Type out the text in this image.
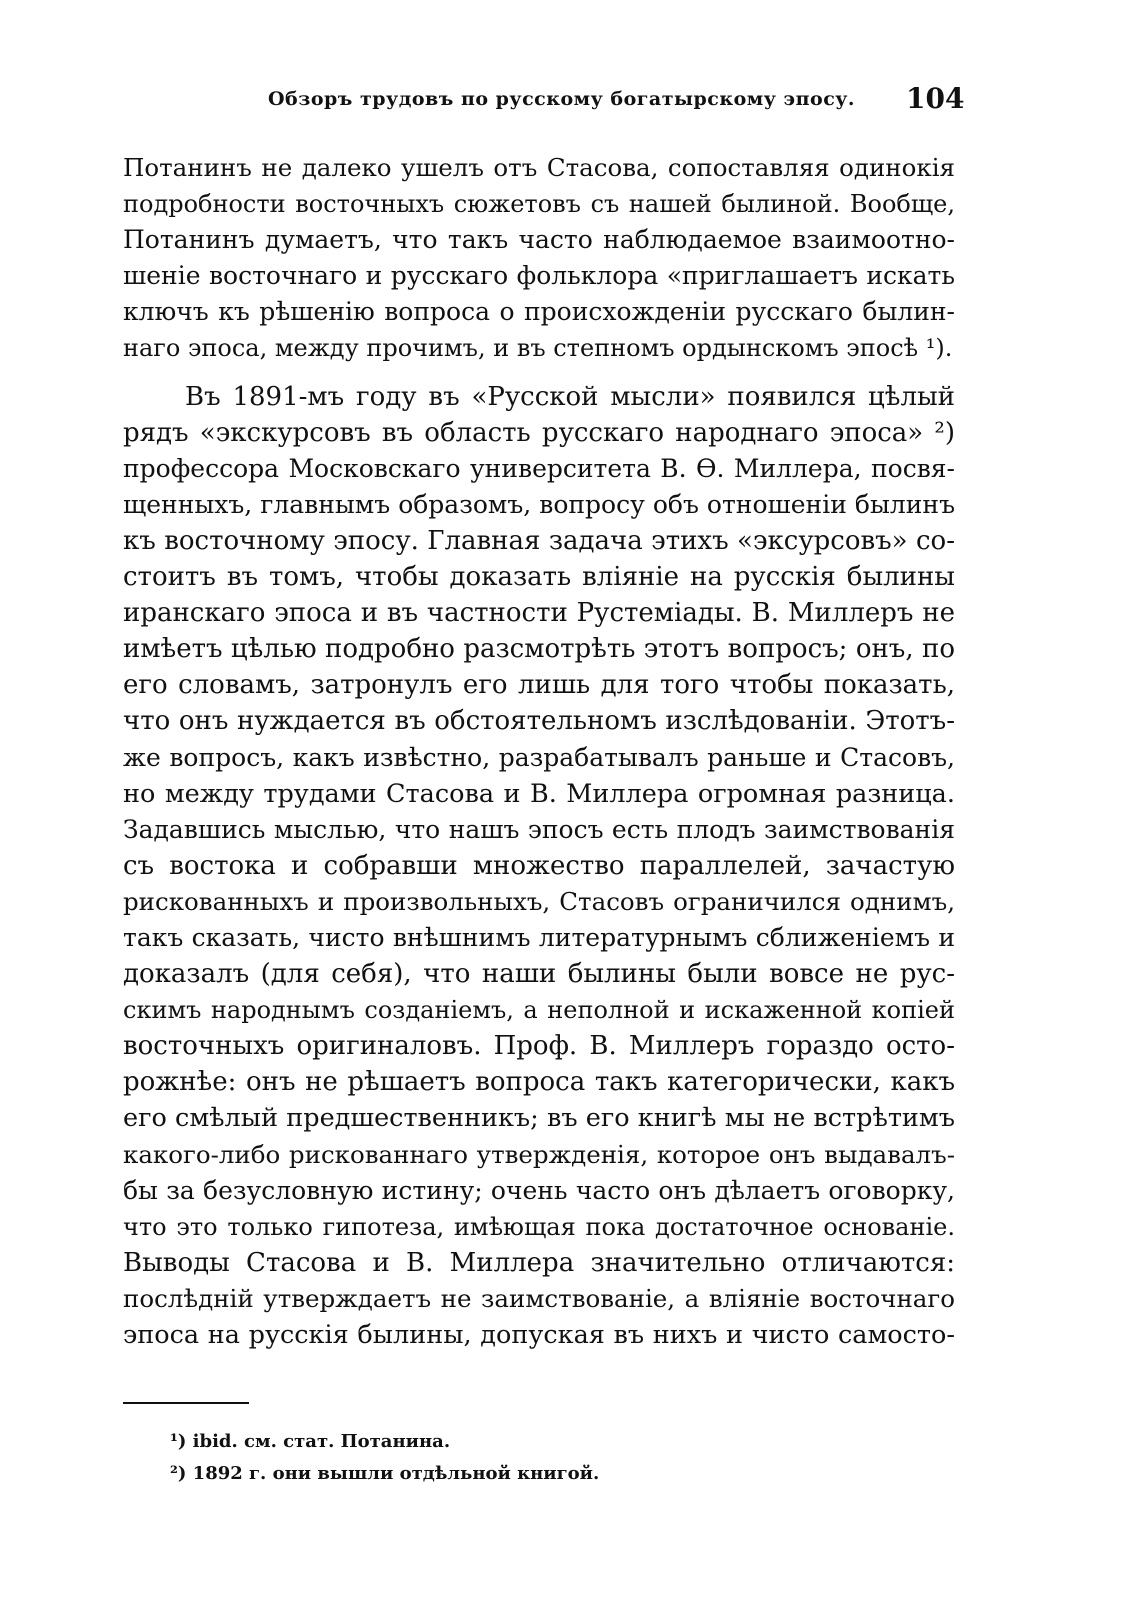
Обзоръ трудовъ по русскому богатырскому эпосу. 104
Потанинъ не далеко ушелъ отъ Стасова, сопоставляя одинокія
подробности восточныхъ сюжетовъ съ нашей былиной. Вообще,
Потанинъ думаетъ, что такъ часто наблюдаемое взаимоотно-
шеніе восточнаго и русскаго фольклора «приглашаетъ искать
ключъ къ рѣшенію вопроса о происхожденіи русскаго былин-
наго эпоса, между прочимъ, и въ степномъ ордынскомъ эпосѣ ¹).
Въ 1891-мъ году въ «Русской мысли» появился цѣлый
рядъ «экскурсовъ въ область русскаго народнаго эпоса» ²)
профессора Московскаго университета В. Ѳ. Миллера, посвя-
щенныхъ, главнымъ образомъ, вопросу объ отношеніи былинъ
къ восточному эпосу. Главная задача этихъ «эксурсовъ» со-
стоитъ въ томъ, чтобы доказать вліяніе на русскія былины
иранскаго эпоса и въ частности Рустеміады. В. Миллеръ не
имѣетъ цѣлью подробно разсмотрѣть этотъ вопросъ; онъ, по
его словамъ, затронулъ его лишь для того чтобы показать,
что онъ нуждается въ обстоятельномъ изслѣдованіи. Этотъ-
же вопросъ, какъ извѣстно, разрабатывалъ раньше и Стасовъ,
но между трудами Стасова и В. Миллера огромная разница.
Задавшись мыслью, что нашъ эпосъ есть плодъ заимствованія
съ востока и собравши множество параллелей, зачастую
рискованныхъ и произвольныхъ, Стасовъ ограничился однимъ,
такъ сказать, чисто внѣшнимъ литературнымъ сближеніемъ и
доказалъ (для себя), что наши былины были вовсе не рус-
скимъ народнымъ созданіемъ, а неполной и искаженной копіей
восточныхъ оригиналовъ. Проф. В. Миллеръ гораздо осто-
рожнѣе: онъ не рѣшаетъ вопроса такъ категорически, какъ
его смѣлый предшественникъ; въ его книгѣ мы не встрѣтимъ
какого-либо рискованнаго утвержденія, которое онъ выдавалъ-
бы за безусловную истину; очень часто онъ дѣлаетъ оговорку,
что это только гипотеза, имѣющая пока достаточное основаніе.
Выводы Стасова и В. Миллера значительно отличаются:
послѣдній утверждаетъ не заимствованіе, а вліяніе восточнаго
эпоса на русскія былины, допуская въ нихъ и чисто самосто-
¹) ibid. см. стат. Потанина.
²) 1892 г. они вышли отдѣльной книгой.
